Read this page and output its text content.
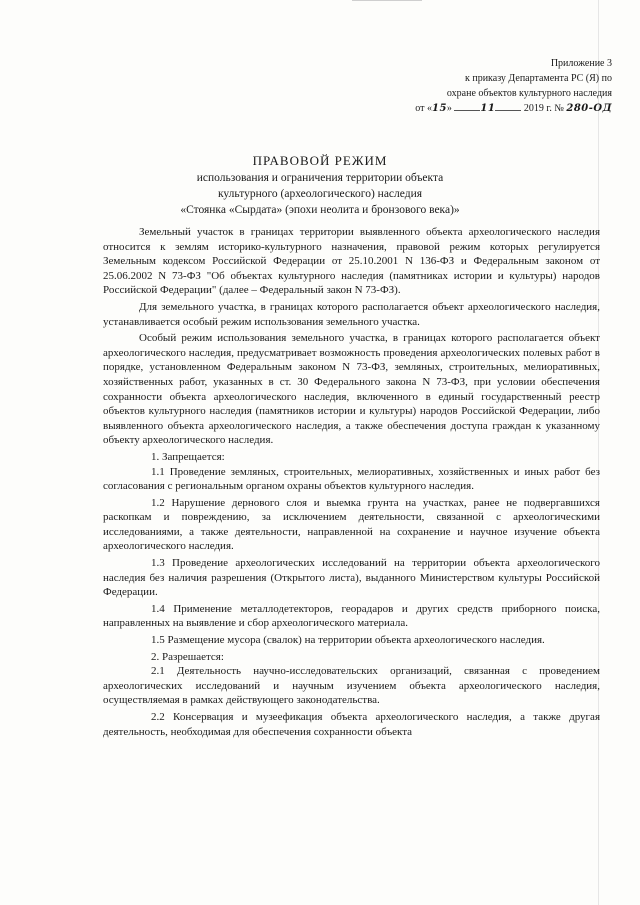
Приложение 3
к приказу Департамента РС (Я) по
охране объектов культурного наследия
от «15»	11	2019 г. № 280-ОД
ПРАВОВОЙ РЕЖИМ
использования и ограничения территории объекта
культурного (археологического) наследия
«Стоянка «Сырдата» (эпохи неолита и бронзового века)»

Земельный участок в границах территории выявленного объекта археологического наследия относится к землям историко-культурного назначения, правовой режим которых регулируется Земельным кодексом Российской Федерации от 25.10.2001 N 136-ФЗ и Федеральным законом от 25.06.2002 N 73-ФЗ "Об объектах культурного наследия (памятниках истории и культуры) народов Российской Федерации" (далее – Федеральный закон N 73-ФЗ).

Для земельного участка, в границах которого располагается объект археологического наследия, устанавливается особый режим использования земельного участка.

Особый режим использования земельного участка, в границах которого располагается объект археологического наследия, предусматривает возможность проведения археологических полевых работ в порядке, установленном Федеральным законом N 73-ФЗ, земляных, строительных, мелиоративных, хозяйственных работ, указанных в ст. 30 Федерального закона N 73-ФЗ, при условии обеспечения сохранности объекта археологического наследия, включенного в единый государственный реестр объектов культурного наследия (памятников истории и культуры) народов Российской Федерации, либо выявленного объекта археологического наследия, а также обеспечения доступа граждан к указанному объекту археологического наследия.

1. Запрещается:

1.1 Проведение земляных, строительных, мелиоративных, хозяйственных и иных работ без согласования с региональным органом охраны объектов культурного наследия.

1.2 Нарушение дернового слоя и выемка грунта на участках, ранее не подвергавшихся раскопкам и повреждению, за исключением деятельности, связанной с археологическими исследованиями, а также деятельности, направленной на сохранение и научное изучение объекта археологического наследия.

1.3 Проведение археологических исследований на территории объекта археологического наследия без наличия разрешения (Открытого листа), выданного Министерством культуры Российской Федерации.

1.4 Применение металлодетекторов, георадаров и других средств приборного поиска, направленных на выявление и сбор археологического материала.

1.5 Размещение мусора (свалок) на территории объекта археологического наследия.

2. Разрешается:

2.1 Деятельность научно-исследовательских организаций, связанная с проведением археологических исследований и научным изучением объекта археологического наследия, осуществляемая в рамках действующего законодательства.

2.2 Консервация и музеефикация объекта археологического наследия, а также другая деятельность, необходимая для обеспечения сохранности объекта
